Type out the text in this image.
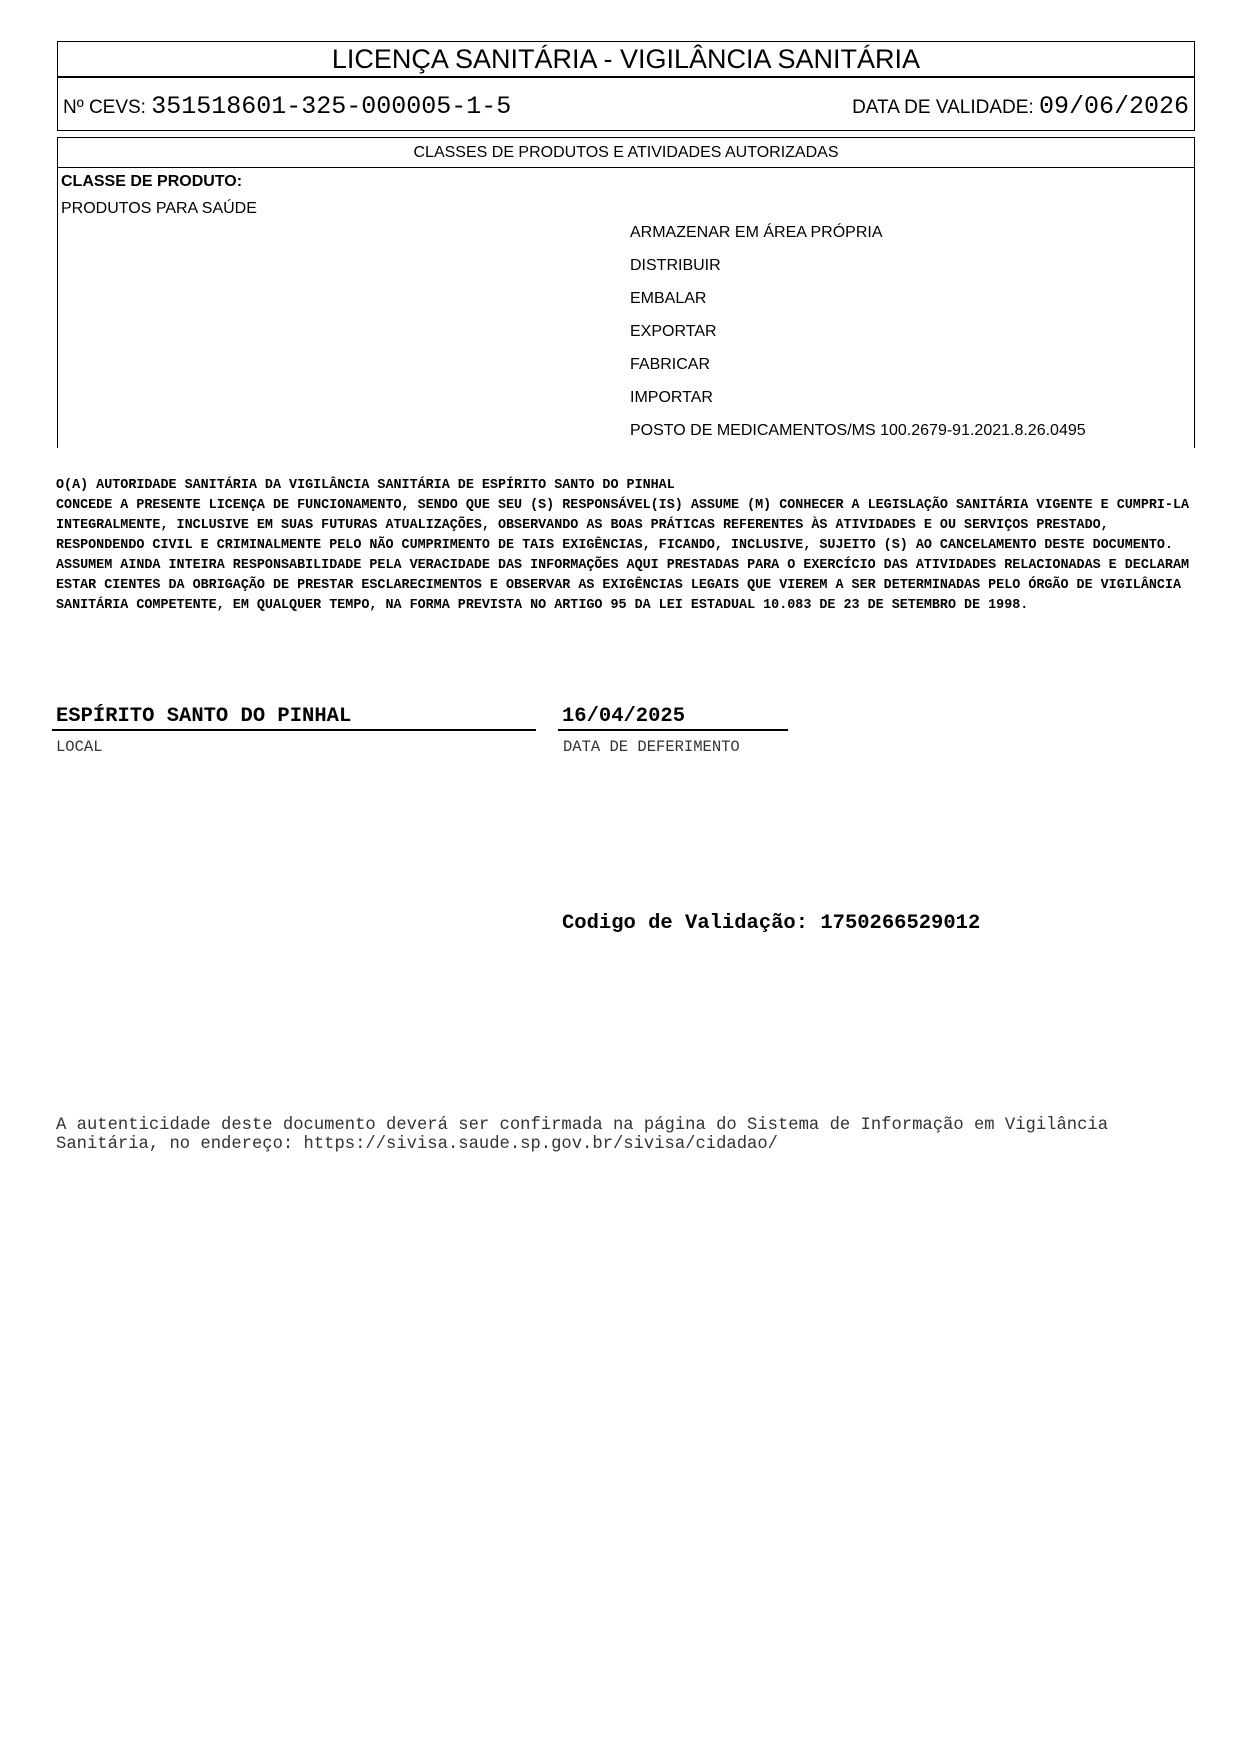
LICENÇA SANITÁRIA - VIGILÂNCIA SANITÁRIA
Nº CEVS: 351518601-325-000005-1-5	DATA DE VALIDADE: 09/06/2026
CLASSES DE PRODUTOS E ATIVIDADES AUTORIZADAS
CLASSE DE PRODUTO:
PRODUTOS PARA SAÚDE
ARMAZENAR EM ÁREA PRÓPRIA
DISTRIBUIR
EMBALAR
EXPORTAR
FABRICAR
IMPORTAR
POSTO DE MEDICAMENTOS/MS 100.2679-91.2021.8.26.0495

O(A) AUTORIDADE SANITÁRIA DA VIGILÂNCIA SANITÁRIA DE ESPÍRITO SANTO DO PINHAL

CONCEDE A PRESENTE LICENÇA DE FUNCIONAMENTO, SENDO QUE SEU (S) RESPONSÁVEL(IS) ASSUME (M) CONHECER A LEGISLAÇÃO SANITÁRIA VIGENTE E CUMPRI-LA INTEGRALMENTE, INCLUSIVE EM SUAS FUTURAS ATUALIZAÇÕES, OBSERVANDO AS BOAS PRÁTICAS REFERENTES ÀS ATIVIDADES E OU SERVIÇOS PRESTADO, RESPONDENDO CIVIL E CRIMINALMENTE PELO NÃO CUMPRIMENTO DE TAIS EXIGÊNCIAS, FICANDO, INCLUSIVE, SUJEITO (S) AO CANCELAMENTO DESTE DOCUMENTO.

ASSUMEM AINDA INTEIRA RESPONSABILIDADE PELA VERACIDADE DAS INFORMAÇÕES AQUI PRESTADAS PARA O EXERCÍCIO DAS ATIVIDADES RELACIONADAS E DECLARAM ESTAR CIENTES DA OBRIGAÇÃO DE PRESTAR ESCLARECIMENTOS E OBSERVAR AS EXIGÊNCIAS LEGAIS QUE VIEREM A SER DETERMINADAS PELO ÓRGÃO DE VIGILÂNCIA SANITÁRIA COMPETENTE, EM QUALQUER TEMPO, NA FORMA PREVISTA NO ARTIGO 95 DA LEI ESTADUAL 10.083 DE 23 DE SETEMBRO DE 1998.

ESPÍRITO SANTO DO PINHAL
LOCAL
16/04/2025
DATA DE DEFERIMENTO
Codigo de Validação: 1750266529012
A autenticidade deste documento deverá ser confirmada na página do Sistema de Informação em Vigilância Sanitária, no endereço: https://sivisa.saude.sp.gov.br/sivisa/cidadao/
